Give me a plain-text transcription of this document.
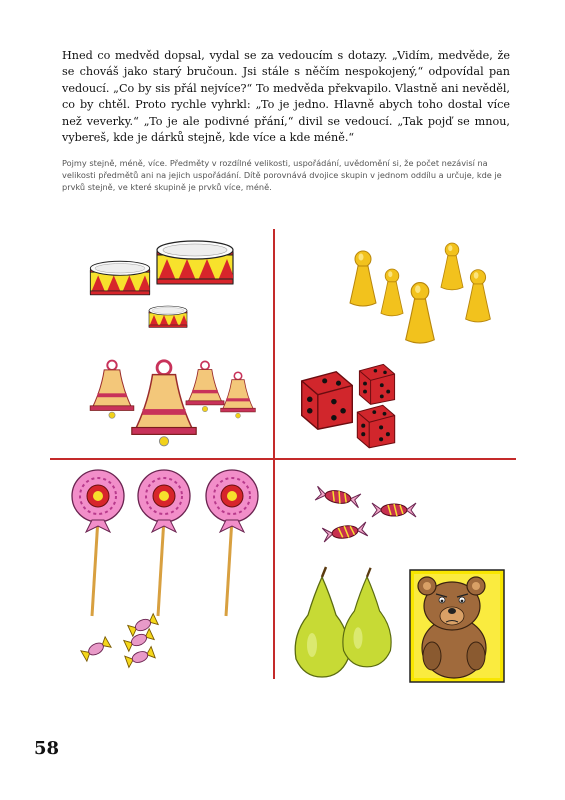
Hned co medvěd dopsal, vydal se za vedoucím s dotazy. „Vidím, medvěde, že se chováš jako starý bručoun. Jsi stále s něčím nespokojený,“ odpovídal pan vedoucí. „Co by sis přál nejvíce?“ To medvěda překvapilo. Vlastně ani nevěděl, co by chtěl. Proto rychle vyhrkl: „To je jedno. Hlavně abych toho dostal více než veverky.“ „To je ale podivné přání,“ divil se vedoucí. „Tak pojď se mnou, vybereš, kde je dárků stejně, kde více a kde méně.“

Pojmy stejně, méně, více. Předměty v rozdílné velikosti, uspořádání, uvědomění si, že počet nezávisí na velikosti předmětů ani na jejich uspořádání. Dítě porovnává dvojice skupin v jednom oddílu a určuje, kde je prvků stejně, ve které skupině je prvků více, méně.

58
